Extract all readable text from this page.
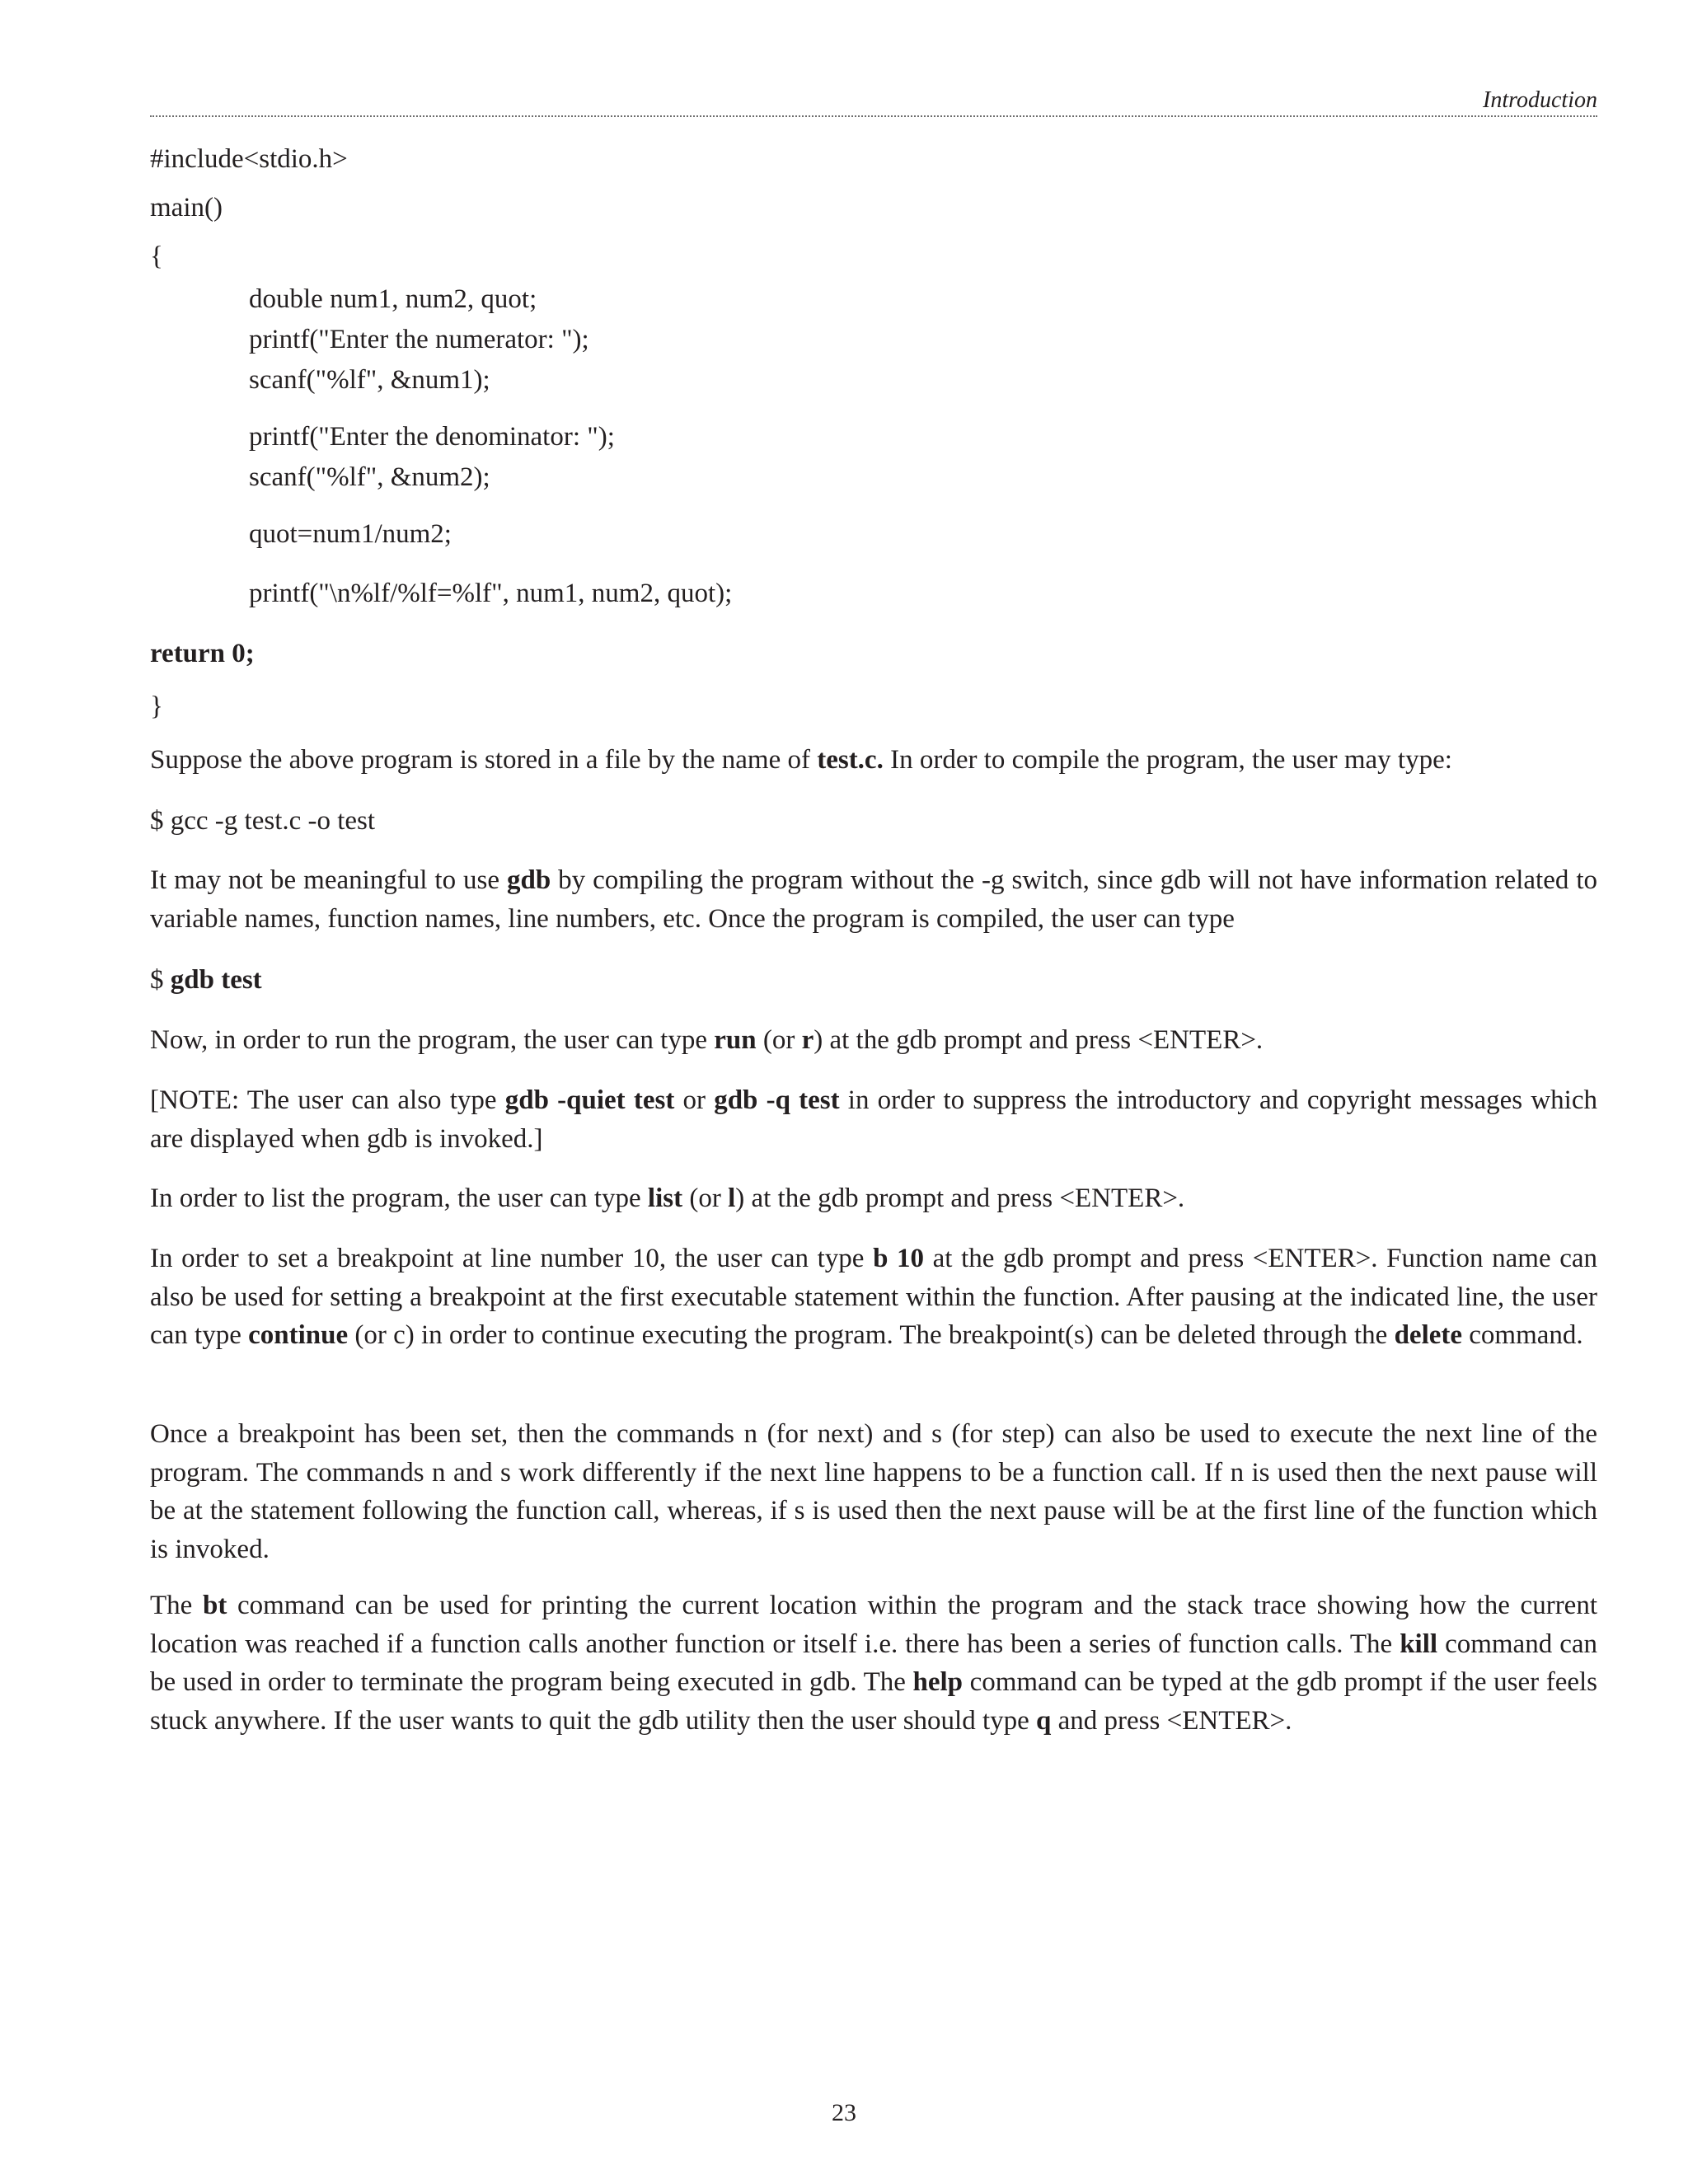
Introduction

#include<stdio.h>

main()

{

double num1, num2, quot;

printf("Enter the numerator: ");

scanf("%lf", &num1);

printf("Enter the denominator: ");

scanf("%lf", &num2);

quot=num1/num2;

printf("\n%lf/%lf=%lf", num1, num2, quot);

return 0;

}

Suppose the above program is stored in a file by the name of test.c. In order to compile the program, the user may type:

$ gcc -g test.c -o test

It may not be meaningful to use gdb by compiling the program without the -g switch, since gdb will not have information related to variable names, function names, line numbers, etc. Once the program is compiled, the user can type

$ gdb test

Now, in order to run the program, the user can type run (or r) at the gdb prompt and press <ENTER>.

[NOTE: The user can also type gdb -quiet test or gdb -q test in order to suppress the introductory and copyright messages which are displayed when gdb is invoked.]

In order to list the program, the user can type list (or l) at the gdb prompt and press <ENTER>.

In order to set a breakpoint at line number 10, the user can type b 10 at the gdb prompt and press <ENTER>. Function name can also be used for setting a breakpoint at the first executable statement within the function. After pausing at the indicated line, the user can type continue (or c) in order to continue executing the program. The breakpoint(s) can be deleted through the delete command.

Once a breakpoint has been set, then the commands n (for next) and s (for step) can also be used to execute the next line of the program. The commands n and s work differently if the next line happens to be a function call. If n is used then the next pause will be at the statement following the function call, whereas, if s is used then the next pause will be at the first line of the function which is invoked.

The bt command can be used for printing the current location within the program and the stack trace showing how the current location was reached if a function calls another function or itself i.e. there has been a series of function calls. The kill command can be used in order to terminate the program being executed in gdb. The help command can be typed at the gdb prompt if the user feels stuck anywhere. If the user wants to quit the gdb utility then the user should type q and press <ENTER>.

23
